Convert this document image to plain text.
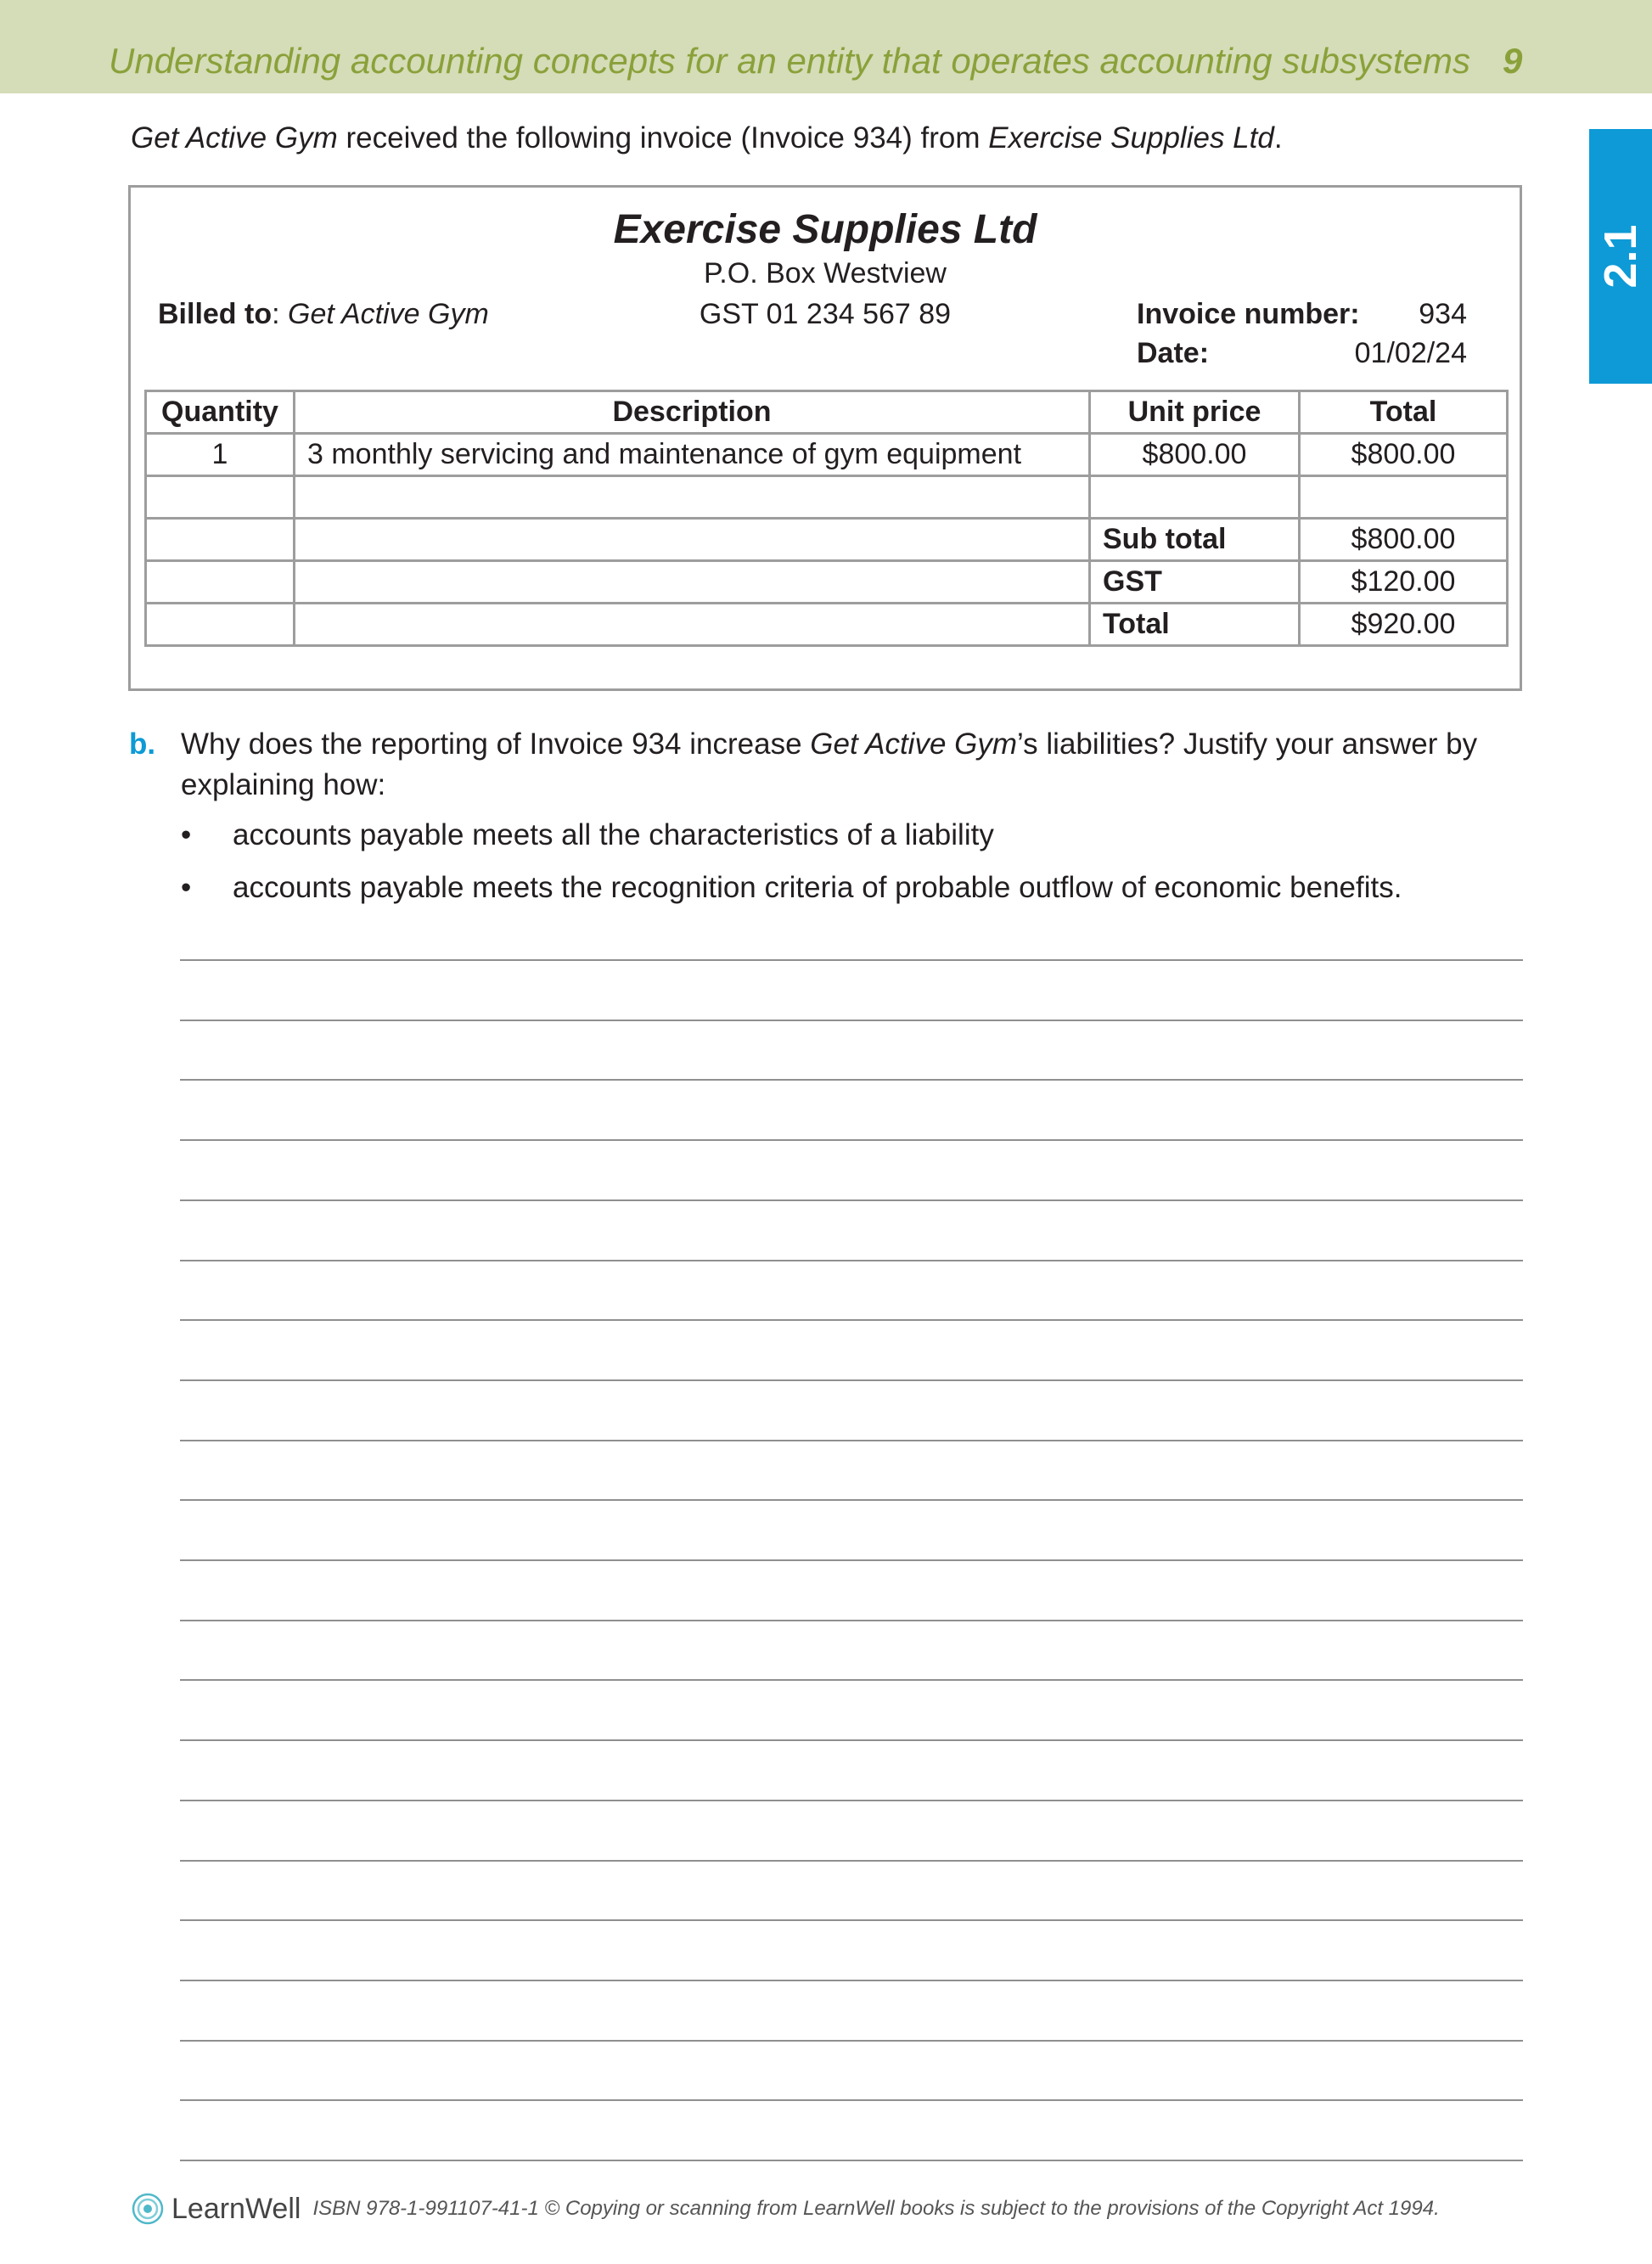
Understanding accounting concepts for an entity that operates accounting subsystems 9
2.1
Get Active Gym received the following invoice (Invoice 934) from Exercise Supplies Ltd.
Exercise Supplies Ltd
P.O. Box Westview
GST 01 234 567 89
Billed to: Get Active Gym	Invoice number: 934
Date:	01/02/24
Quantity	Description	Unit price	Total
1	3 monthly servicing and maintenance of gym equipment	$800.00	$800.00

		Sub total	$800.00
		GST	$120.00
		Total	$920.00
b. Why does the reporting of Invoice 934 increase Get Active Gym’s liabilities? Justify your answer by explaining how:
• accounts payable meets all the characteristics of a liability
• accounts payable meets the recognition criteria of probable outflow of economic benefits.
LearnWell ISBN 978-1-991107-41-1 © Copying or scanning from LearnWell books is subject to the provisions of the Copyright Act 1994.
